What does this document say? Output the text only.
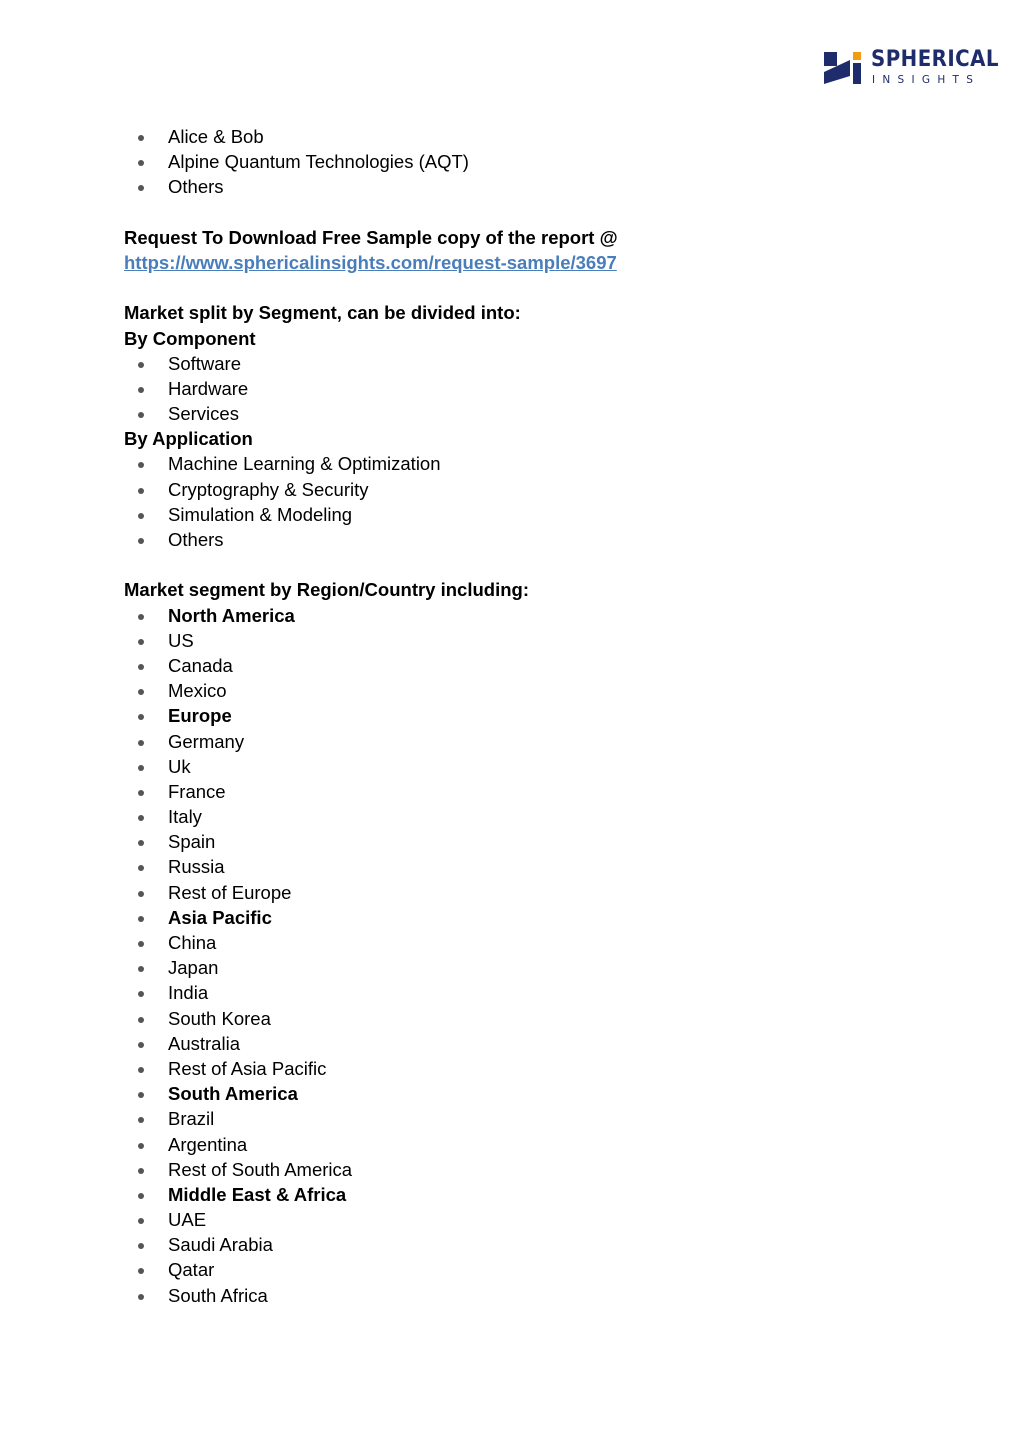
SPHERICAL
INSIGHTS
Alice & Bob
Alpine Quantum Technologies (AQT)
Others
Request To Download Free Sample copy of the report @
https://www.sphericalinsights.com/request-sample/3697
Market split by Segment, can be divided into:
By Component
Software
Hardware
Services
By Application
Machine Learning & Optimization
Cryptography & Security
Simulation & Modeling
Others
Market segment by Region/Country including:
North America
US
Canada
Mexico
Europe
Germany
Uk
France
Italy
Spain
Russia
Rest of Europe
Asia Pacific
China
Japan
India
South Korea
Australia
Rest of Asia Pacific
South America
Brazil
Argentina
Rest of South America
Middle East & Africa
UAE
Saudi Arabia
Qatar
South Africa
